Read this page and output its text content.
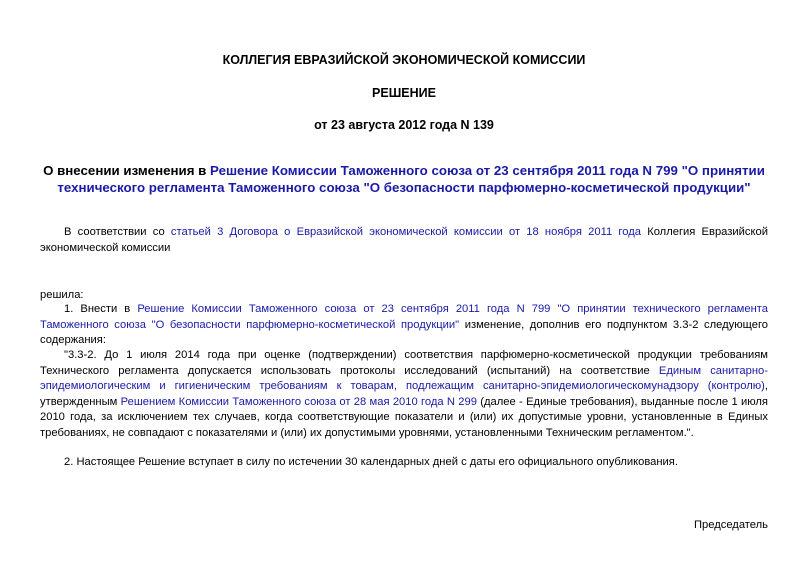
КОЛЛЕГИЯ ЕВРАЗИЙСКОЙ ЭКОНОМИЧЕСКОЙ КОМИССИИ
РЕШЕНИЕ
от 23 августа 2012 года N 139
О внесении изменения в Решение Комиссии Таможенного союза от 23 сентября 2011 года N 799 "О принятии технического регламента Таможенного союза "О безопасности парфюмерно-косметической продукции"
В соответствии со статьей 3 Договора о Евразийской экономической комиссии от 18 ноября 2011 года Коллегия Евразийской экономической комиссии
решила:
1. Внести в Решение Комиссии Таможенного союза от 23 сентября 2011 года N 799 "О принятии технического регламента Таможенного союза "О безопасности парфюмерно-косметической продукции" изменение, дополнив его подпунктом 3.3-2 следующего содержания:
"3.3-2. До 1 июля 2014 года при оценке (подтверждении) соответствия парфюмерно-косметической продукции требованиям Технического регламента допускается использовать протоколы исследований (испытаний) на соответствие Единым санитарно-эпидемиологическим и гигиеническим требованиям к товарам, подлежащим санитарно-эпидемиологическомунадзору (контролю), утвержденным Решением Комиссии Таможенного союза от 28 мая 2010 года N 299 (далее - Единые требования), выданные после 1 июля 2010 года, за исключением тех случаев, когда соответствующие показатели и (или) их допустимые уровни, установленные в Единых требованиях, не совпадают с показателями и (или) их допустимыми уровнями, установленными Техническим регламентом.".
2. Настоящее Решение вступает в силу по истечении 30 календарных дней с даты его официального опубликования.
Председатель
